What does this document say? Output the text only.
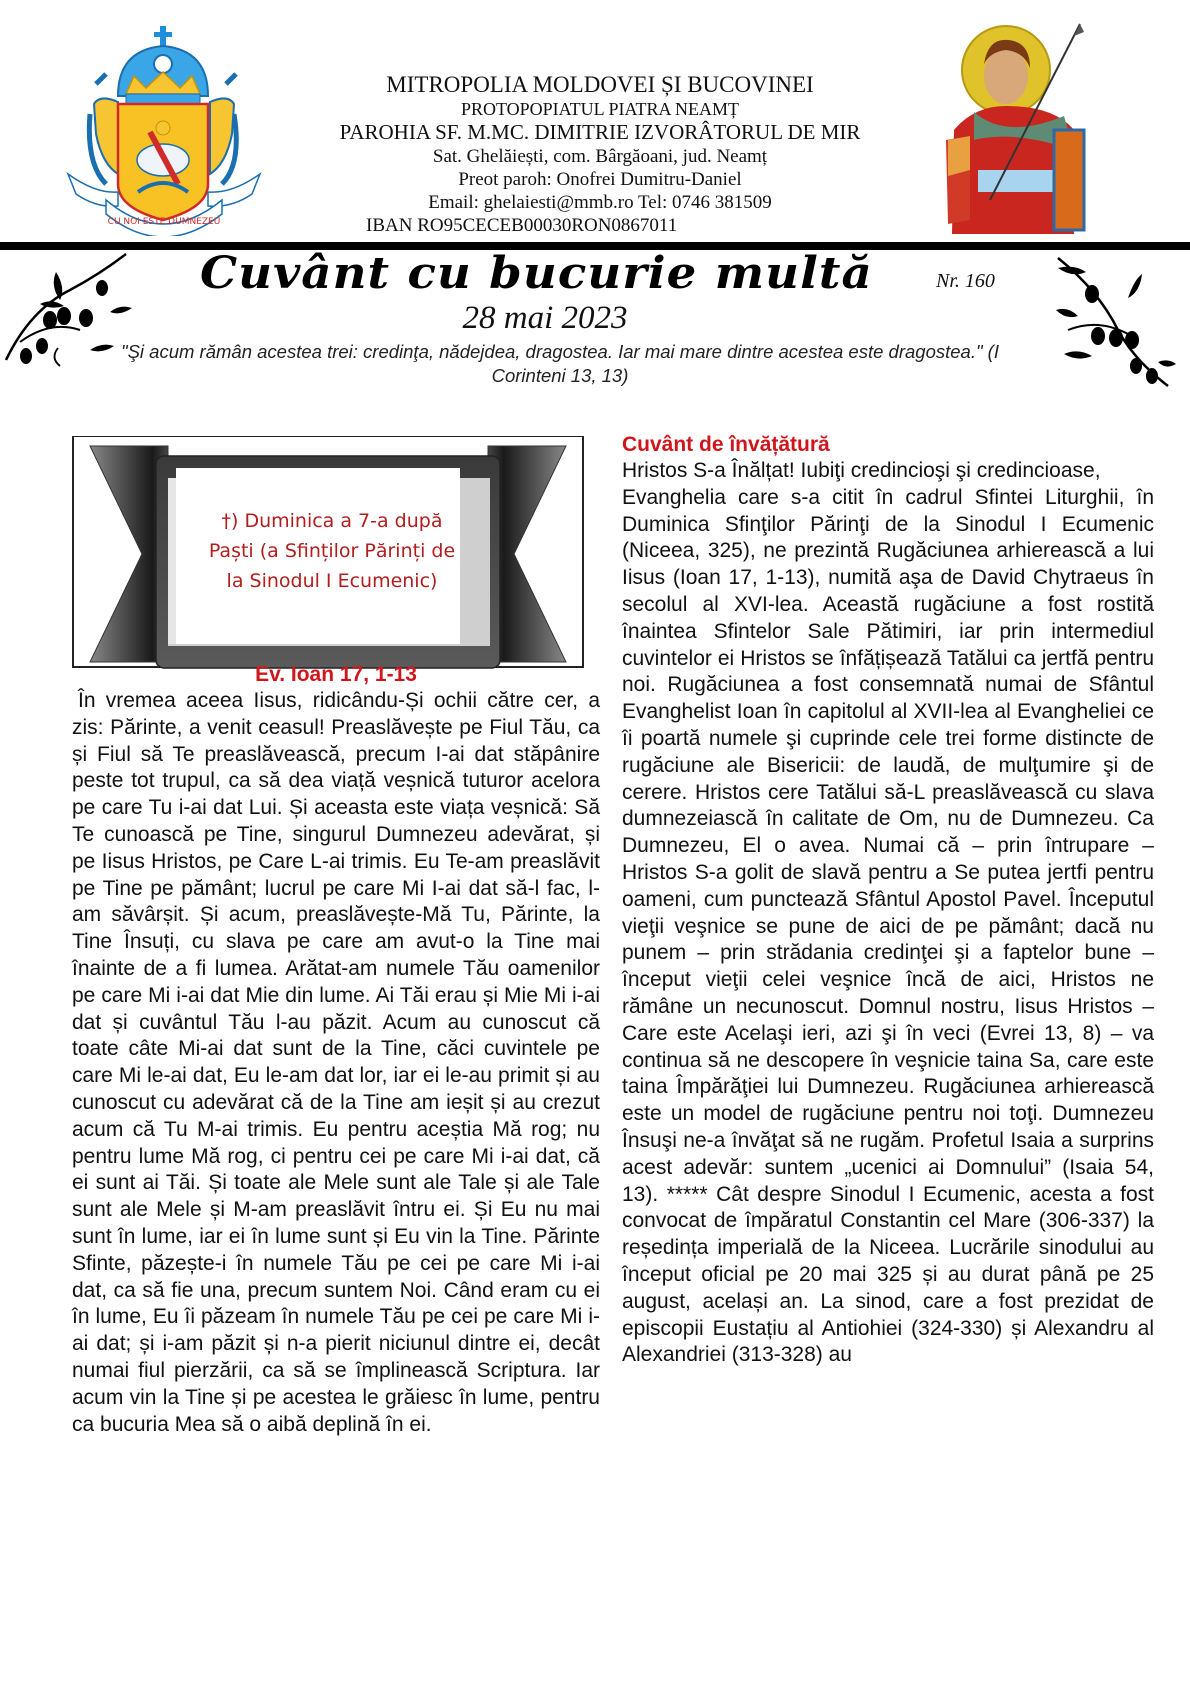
CU NOI ESTE DUMNEZEU
MITROPOLIA MOLDOVEI ȘI BUCOVINEI
PROTOPOPIATUL PIATRA NEAMȚ
PAROHIA SF. M.MC. DIMITRIE IZVORÂTORUL DE MIR
Sat. Ghelăiești, com. Bârgăoani, jud. Neamț
Preot paroh: Onofrei Dumitru-Daniel
Email: ghelaiesti@mmb.ro Tel: 0746 381509
IBAN RO95CECEB00030RON0867011
Cuvânt cu bucurie multă	Nr. 160
28 mai 2023
"Şi acum rămân acestea trei: credinţa, nădejdea, dragostea. Iar mai mare dintre acestea este dragostea." (I Corinteni 13, 13)
†) Duminica a 7-a după
Paști (a Sfinților Părinți de
la Sinodul I Ecumenic)
Ev. Ioan 17, 1-13
În vremea aceea Iisus, ridicându-Și ochii către cer, a zis: Părinte, a venit ceasul! Preaslăvește pe Fiul Tău, ca și Fiul să Te preaslăvească, precum I-ai dat stăpânire peste tot trupul, ca să dea viață veșnică tuturor acelora pe care Tu i-ai dat Lui. Și aceasta este viața veșnică: Să Te cunoască pe Tine, singurul Dumnezeu adevărat, și pe Iisus Hristos, pe Care L-ai trimis. Eu Te-am preaslăvit pe Tine pe pământ; lucrul pe care Mi I-ai dat să-l fac, l-am săvârșit. Și acum, preaslăvește-Mă Tu, Părinte, la Tine Însuți, cu slava pe care am avut-o la Tine mai înainte de a fi lumea. Arătat-am numele Tău oamenilor pe care Mi i-ai dat Mie din lume. Ai Tăi erau și Mie Mi i-ai dat și cuvântul Tău l-au păzit. Acum au cunoscut că toate câte Mi-ai dat sunt de la Tine, căci cuvintele pe care Mi le-ai dat, Eu le-am dat lor, iar ei le-au primit și au cunoscut cu adevărat că de la Tine am ieșit și au crezut acum că Tu M-ai trimis. Eu pentru aceștia Mă rog; nu pentru lume Mă rog, ci pentru cei pe care Mi i-ai dat, că ei sunt ai Tăi. Și toate ale Mele sunt ale Tale și ale Tale sunt ale Mele și M-am preaslăvit întru ei. Și Eu nu mai sunt în lume, iar ei în lume sunt și Eu vin la Tine. Părinte Sfinte, păzește-i în numele Tău pe cei pe care Mi i-ai dat, ca să fie una, precum suntem Noi. Când eram cu ei în lume, Eu îi păzeam în numele Tău pe cei pe care Mi i-ai dat; și i-am păzit și n-a pierit niciunul dintre ei, decât numai fiul pierzării, ca să se împlinească Scriptura. Iar acum vin la Tine și pe acestea le grăiesc în lume, pentru ca bucuria Mea să o aibă deplină în ei.
Cuvânt de învățătură
Hristos S-a Înălțat! Iubiţi credincioşi şi credincioase,
Evanghelia care s-a citit în cadrul Sfintei Liturghii, în Duminica Sfinţilor Părinţi de la Sinodul I Ecumenic (Niceea, 325), ne prezintă Rugăciunea arhierească a lui Iisus (Ioan 17, 1-13), numită aşa de David Chytraeus în secolul al XVI-lea. Această rugăciune a fost rostită înaintea Sfintelor Sale Pătimiri, iar prin intermediul cuvintelor ei Hristos se înfățișează Tatălui ca jertfă pentru noi. Rugăciunea a fost consemnată numai de Sfântul Evanghelist Ioan în capitolul al XVII-lea al Evangheliei ce îi poartă numele şi cuprinde cele trei forme distincte de rugăciune ale Bisericii: de laudă, de mulţumire şi de cerere. Hristos cere Tatălui să-L preaslăvească cu slava dumnezeiască în calitate de Om, nu de Dumnezeu. Ca Dumnezeu, El o avea. Numai că – prin întrupare – Hristos S-a golit de slavă pentru a Se putea jertfi pentru oameni, cum punctează Sfântul Apostol Pavel. Începutul vieţii veşnice se pune de aici de pe pământ; dacă nu punem – prin strădania credinţei şi a faptelor bune – început vieţii celei veşnice încă de aici, Hristos ne rămâne un necunoscut. Domnul nostru, Iisus Hristos – Care este Acelaşi ieri, azi şi în veci (Evrei 13, 8) – va continua să ne descopere în veşnicie taina Sa, care este taina Împărăţiei lui Dumnezeu. Rugăciunea arhierească este un model de rugăciune pentru noi toţi. Dumnezeu Însuşi ne-a învăţat să ne rugăm. Profetul Isaia a surprins acest adevăr: suntem „ucenici ai Domnului” (Isaia 54, 13). ***** Cât despre Sinodul I Ecumenic, acesta a fost convocat de împăratul Constantin cel Mare (306-337) la reședința imperială de la Niceea. Lucrările sinodului au început oficial pe 20 mai 325 și au durat până pe 25 august, același an. La sinod, care a fost prezidat de episcopii Eustațiu al Antiohiei (324-330) și Alexandru al Alexandriei (313-328) au
